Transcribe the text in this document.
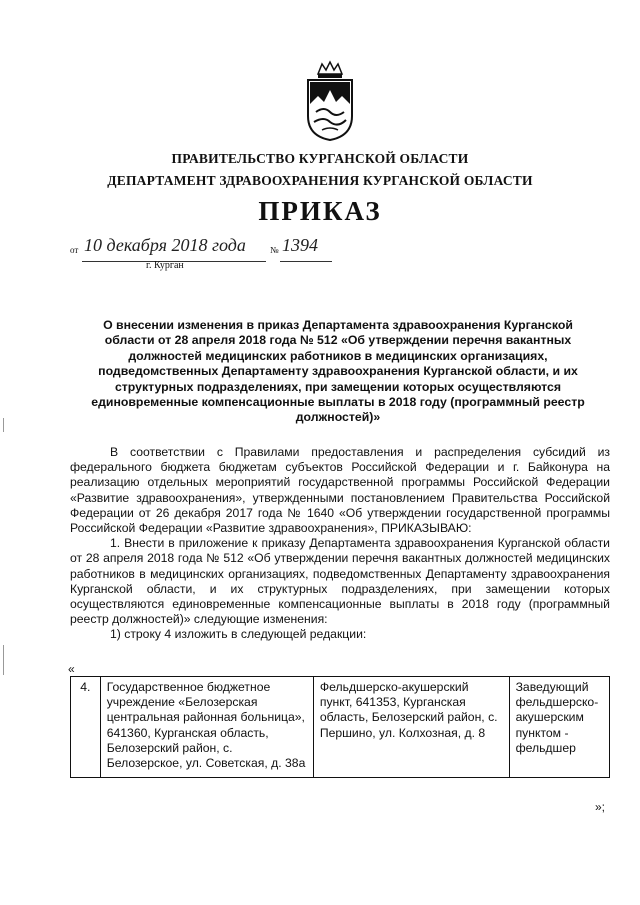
ПРАВИТЕЛЬСТВО КУРГАНСКОЙ ОБЛАСТИ
ДЕПАРТАМЕНТ ЗДРАВООХРАНЕНИЯ КУРГАНСКОЙ ОБЛАСТИ
ПРИКАЗ
от 10 декабря 2018 года	№ 1394
г. Курган
О внесении изменения в приказ Департамента здравоохранения Курганской области от 28 апреля 2018 года № 512 «Об утверждении перечня вакантных должностей медицинских работников в медицинских организациях, подведомственных Департаменту здравоохранения Курганской области, и их структурных подразделениях, при замещении которых осуществляются единовременные компенсационные выплаты в 2018 году (программный реестр должностей)»

В соответствии с Правилами предоставления и распределения субсидий из федерального бюджета бюджетам субъектов Российской Федерации и г. Байконура на реализацию отдельных мероприятий государственной программы Российской Федерации «Развитие здравоохранения», утвержденными постановлением Правительства Российской Федерации от 26 декабря 2017 года № 1640 «Об утверждении государственной программы Российской Федерации «Развитие здравоохранения», ПРИКАЗЫВАЮ:

1. Внести в приложение к приказу Департамента здравоохранения Курганской области от 28 апреля 2018 года № 512 «Об утверждении перечня вакантных должностей медицинских работников в медицинских организациях, подведомственных Департаменту здравоохранения Курганской области, и их структурных подразделениях, при замещении которых осуществляются единовременные компенсационные выплаты в 2018 году (программный реестр должностей)» следующие изменения:

1) строку 4 изложить в следующей редакции:

«
4.	Государственное бюджетное учреждение «Белозерская центральная районная больница», 641360, Курганская область, Белозерский район, с. Белозерское, ул. Советская, д. 38а	Фельдшерско-акушерский пункт, 641353, Курганская область, Белозерский район, с. Першино, ул. Колхозная, д. 8	Заведующий фельдшерско-акушерским пунктом - фельдшер
»;
